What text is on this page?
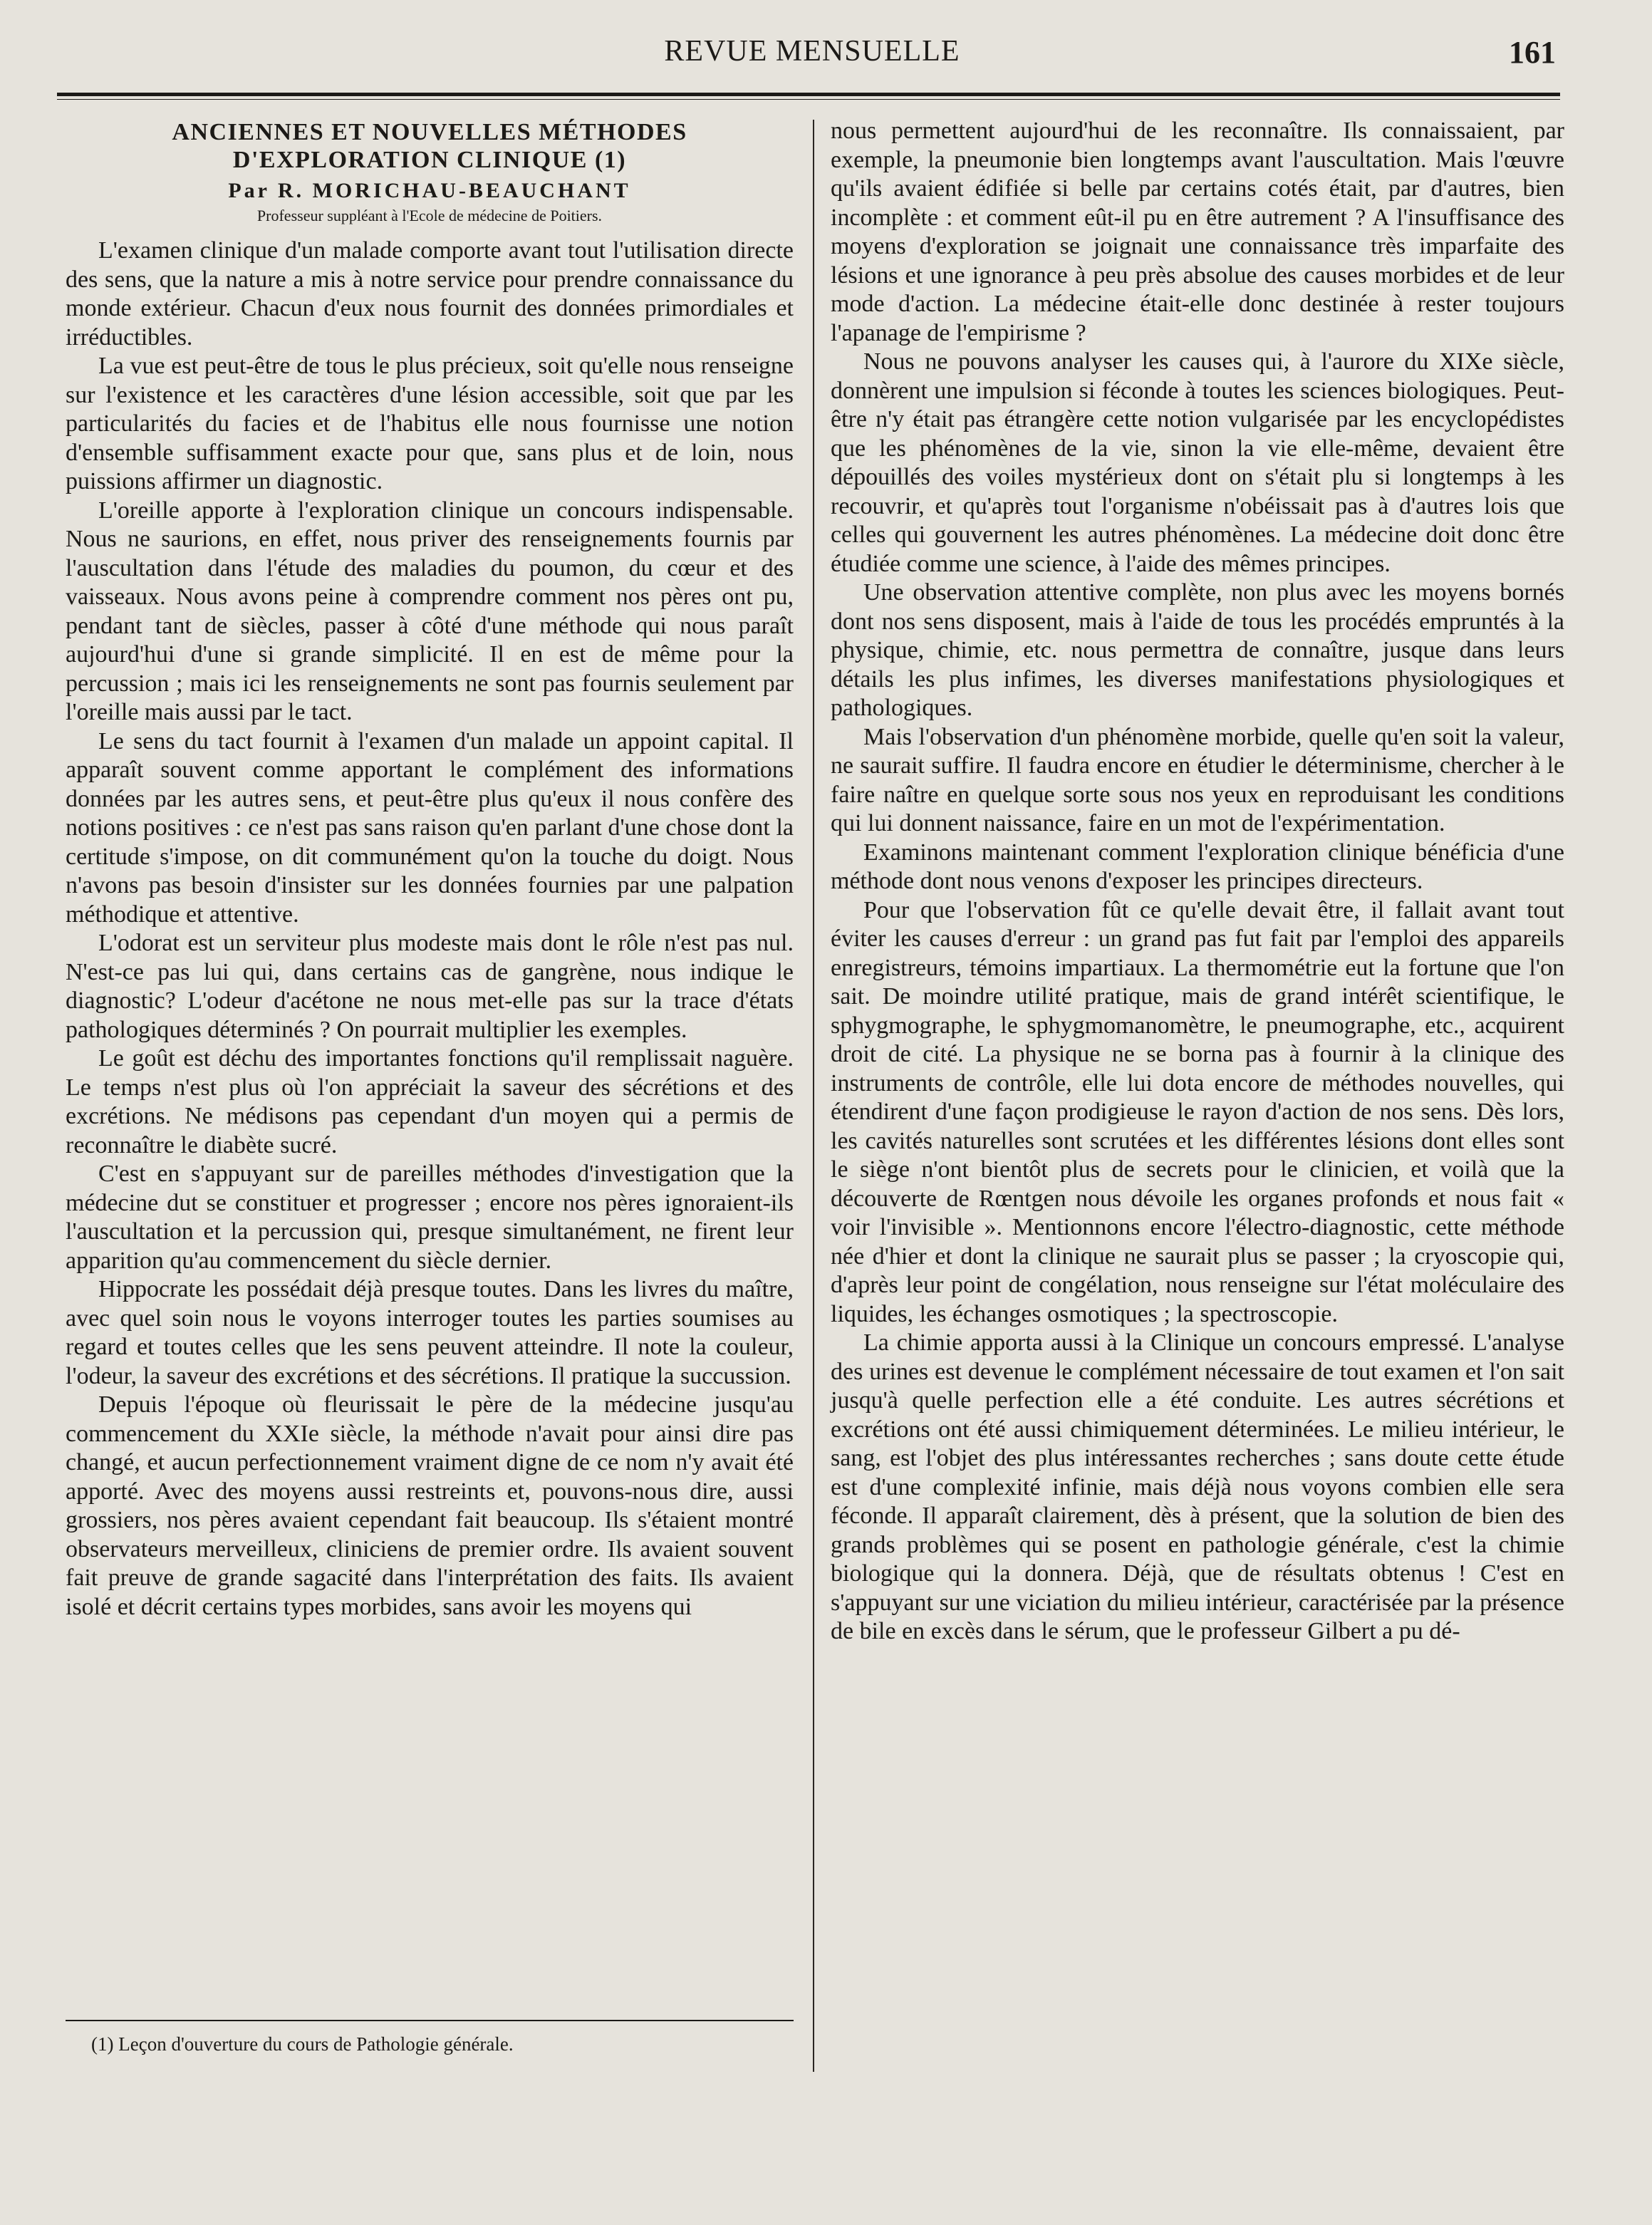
REVUE MENSUELLE	161
ANCIENNES ET NOUVELLES MÉTHODES
D'EXPLORATION CLINIQUE (1)
Par R. MORICHAU-BEAUCHANT
Professeur suppléant à l'Ecole de médecine de Poitiers.

L'examen clinique d'un malade comporte avant tout l'utilisation directe des sens, que la nature a mis à notre service pour prendre connaissance du monde extérieur. Chacun d'eux nous fournit des données primordiales et irréductibles.

La vue est peut-être de tous le plus précieux, soit qu'elle nous renseigne sur l'existence et les caractères d'une lésion accessible, soit que par les particularités du facies et de l'habitus elle nous fournisse une notion d'ensemble suffisamment exacte pour que, sans plus et de loin, nous puissions affirmer un diagnostic.

L'oreille apporte à l'exploration clinique un concours indispensable. Nous ne saurions, en effet, nous priver des renseignements fournis par l'auscultation dans l'étude des maladies du poumon, du cœur et des vaisseaux. Nous avons peine à comprendre comment nos pères ont pu, pendant tant de siècles, passer à côté d'une méthode qui nous paraît aujourd'hui d'une si grande simplicité. Il en est de même pour la percussion ; mais ici les renseignements ne sont pas fournis seulement par l'oreille mais aussi par le tact.

Le sens du tact fournit à l'examen d'un malade un appoint capital. Il apparaît souvent comme apportant le complément des informations données par les autres sens, et peut-être plus qu'eux il nous confère des notions positives : ce n'est pas sans raison qu'en parlant d'une chose dont la certitude s'impose, on dit communément qu'on la touche du doigt. Nous n'avons pas besoin d'insister sur les données fournies par une palpation méthodique et attentive.

L'odorat est un serviteur plus modeste mais dont le rôle n'est pas nul. N'est-ce pas lui qui, dans certains cas de gangrène, nous indique le diagnostic? L'odeur d'acétone ne nous met-elle pas sur la trace d'états pathologiques déterminés ? On pourrait multiplier les exemples.

Le goût est déchu des importantes fonctions qu'il remplissait naguère. Le temps n'est plus où l'on appréciait la saveur des sécrétions et des excrétions. Ne médisons pas cependant d'un moyen qui a permis de reconnaître le diabète sucré.

C'est en s'appuyant sur de pareilles méthodes d'investigation que la médecine dut se constituer et progresser ; encore nos pères ignoraient-ils l'auscultation et la percussion qui, presque simultanément, ne firent leur apparition qu'au commencement du siècle dernier.

Hippocrate les possédait déjà presque toutes. Dans les livres du maître, avec quel soin nous le voyons interroger toutes les parties soumises au regard et toutes celles que les sens peuvent atteindre. Il note la couleur, l'odeur, la saveur des excrétions et des sécrétions. Il pratique la succussion.

Depuis l'époque où fleurissait le père de la médecine jusqu'au commencement du XXIe siècle, la méthode n'avait pour ainsi dire pas changé, et aucun perfectionnement vraiment digne de ce nom n'y avait été apporté. Avec des moyens aussi restreints et, pouvons-nous dire, aussi grossiers, nos pères avaient cependant fait beaucoup. Ils s'étaient montré observateurs merveilleux, cliniciens de premier ordre. Ils avaient souvent fait preuve de grande sagacité dans l'interprétation des faits. Ils avaient isolé et décrit certains types morbides, sans avoir les moyens qui

nous permettent aujourd'hui de les reconnaître. Ils connaissaient, par exemple, la pneumonie bien longtemps avant l'auscultation. Mais l'œuvre qu'ils avaient édifiée si belle par certains cotés était, par d'autres, bien incomplète : et comment eût-il pu en être autrement ? A l'insuffisance des moyens d'exploration se joignait une connaissance très imparfaite des lésions et une ignorance à peu près absolue des causes morbides et de leur mode d'action. La médecine était-elle donc destinée à rester toujours l'apanage de l'empirisme ?

Nous ne pouvons analyser les causes qui, à l'aurore du XIXe siècle, donnèrent une impulsion si féconde à toutes les sciences biologiques. Peut-être n'y était pas étrangère cette notion vulgarisée par les encyclopédistes que les phénomènes de la vie, sinon la vie elle-même, devaient être dépouillés des voiles mystérieux dont on s'était plu si longtemps à les recouvrir, et qu'après tout l'organisme n'obéissait pas à d'autres lois que celles qui gouvernent les autres phénomènes. La médecine doit donc être étudiée comme une science, à l'aide des mêmes principes.

Une observation attentive complète, non plus avec les moyens bornés dont nos sens disposent, mais à l'aide de tous les procédés empruntés à la physique, chimie, etc. nous permettra de connaître, jusque dans leurs détails les plus infimes, les diverses manifestations physiologiques et pathologiques.

Mais l'observation d'un phénomène morbide, quelle qu'en soit la valeur, ne saurait suffire. Il faudra encore en étudier le déterminisme, chercher à le faire naître en quelque sorte sous nos yeux en reproduisant les conditions qui lui donnent naissance, faire en un mot de l'expérimentation.

Examinons maintenant comment l'exploration clinique bénéficia d'une méthode dont nous venons d'exposer les principes directeurs.

Pour que l'observation fût ce qu'elle devait être, il fallait avant tout éviter les causes d'erreur : un grand pas fut fait par l'emploi des appareils enregistreurs, témoins impartiaux. La thermométrie eut la fortune que l'on sait. De moindre utilité pratique, mais de grand intérêt scientifique, le sphygmographe, le sphygmomanomètre, le pneumographe, etc., acquirent droit de cité. La physique ne se borna pas à fournir à la clinique des instruments de contrôle, elle lui dota encore de méthodes nouvelles, qui étendirent d'une façon prodigieuse le rayon d'action de nos sens. Dès lors, les cavités naturelles sont scrutées et les différentes lésions dont elles sont le siège n'ont bientôt plus de secrets pour le clinicien, et voilà que la découverte de Rœntgen nous dévoile les organes profonds et nous fait « voir l'invisible ». Mentionnons encore l'électro-diagnostic, cette méthode née d'hier et dont la clinique ne saurait plus se passer ; la cryoscopie qui, d'après leur point de congélation, nous renseigne sur l'état moléculaire des liquides, les échanges osmotiques ; la spectroscopie.

La chimie apporta aussi à la Clinique un concours empressé. L'analyse des urines est devenue le complément nécessaire de tout examen et l'on sait jusqu'à quelle perfection elle a été conduite. Les autres sécrétions et excrétions ont été aussi chimiquement déterminées. Le milieu intérieur, le sang, est l'objet des plus intéressantes recherches ; sans doute cette étude est d'une complexité infinie, mais déjà nous voyons combien elle sera féconde. Il apparaît clairement, dès à présent, que la solution de bien des grands problèmes qui se posent en pathologie générale, c'est la chimie biologique qui la donnera. Déjà, que de résultats obtenus ! C'est en s'appuyant sur une viciation du milieu intérieur, caractérisée par la présence de bile en excès dans le sérum, que le professeur Gilbert a pu dé-

(1) Leçon d'ouverture du cours de Pathologie générale.
